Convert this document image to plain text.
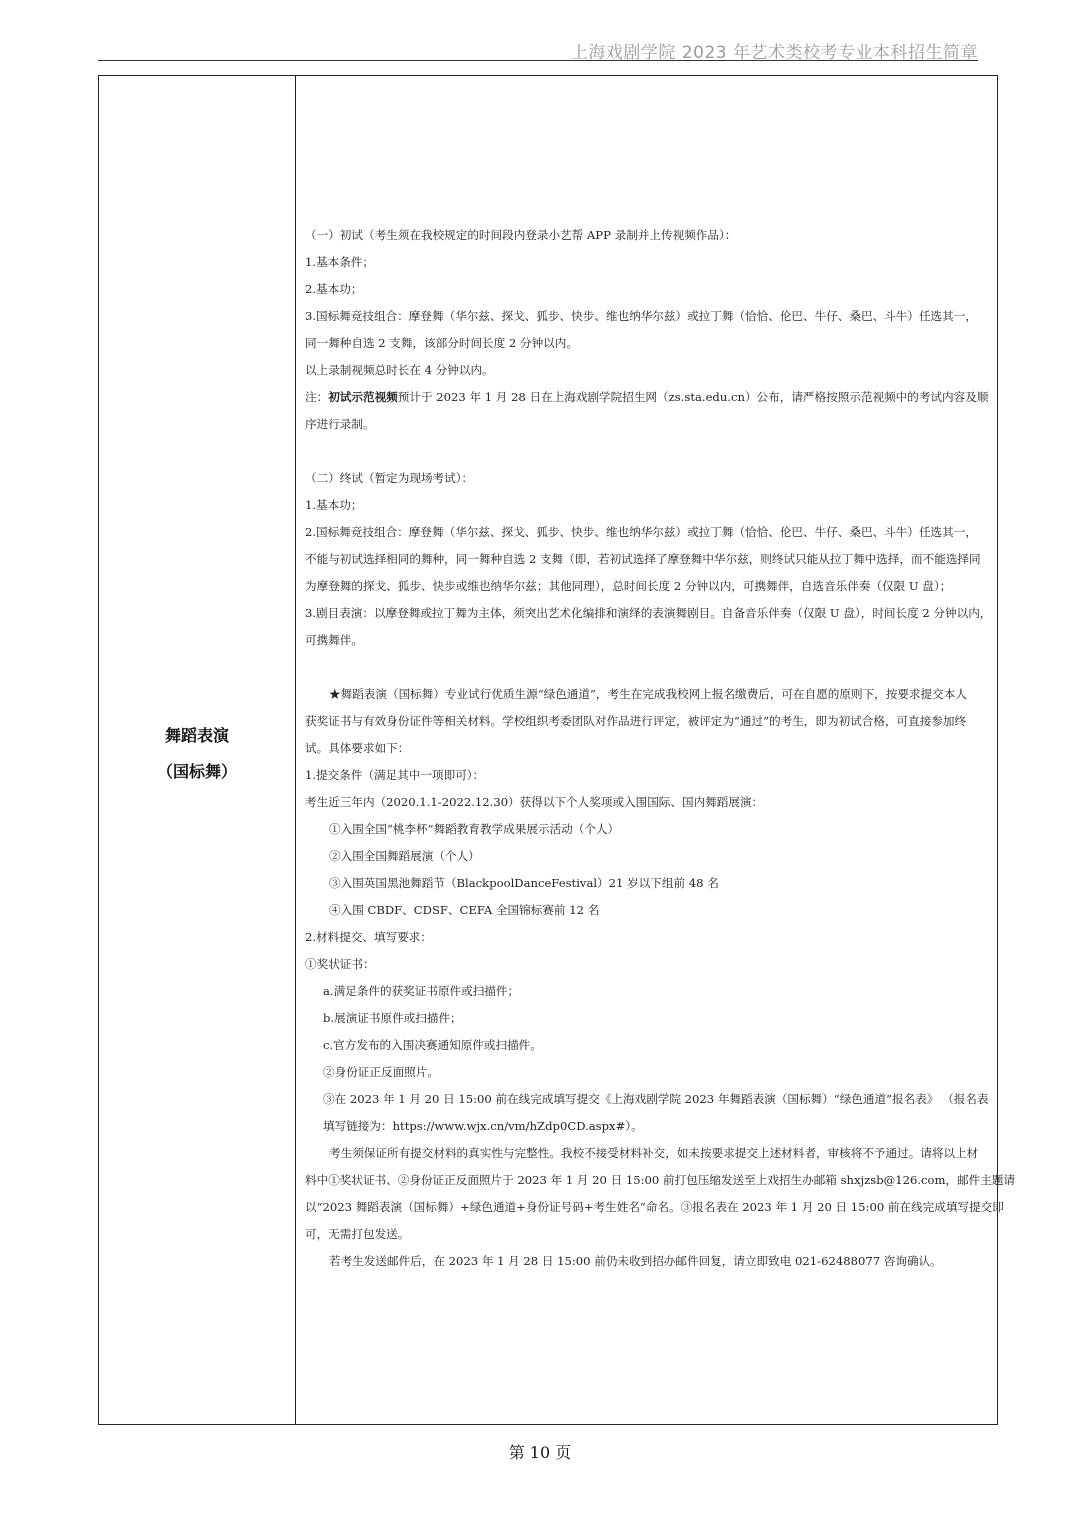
上海戏剧学院 2023 年艺术类校考专业本科招生简章
舞蹈表演
（国标舞）

（一）初试（考生须在我校规定的时间段内登录小艺帮 APP 录制并上传视频作品）：

1.基本条件；

2.基本功；

3.国标舞竞技组合：摩登舞（华尔兹、探戈、狐步、快步、维也纳华尔兹）或拉丁舞（恰恰、伦巴、牛仔、桑巴、斗牛）任选其一，

同一舞种自选 2 支舞，该部分时间长度 2 分钟以内。

以上录制视频总时长在 4 分钟以内。

注：初试示范视频预计于 2023 年 1 月 28 日在上海戏剧学院招生网（zs.sta.edu.cn）公布，请严格按照示范视频中的考试内容及顺

序进行录制。

（二）终试（暂定为现场考试）：

1.基本功；

2.国标舞竞技组合：摩登舞（华尔兹、探戈、狐步、快步、维也纳华尔兹）或拉丁舞（恰恰、伦巴、牛仔、桑巴、斗牛）任选其一，

不能与初试选择相同的舞种，同一舞种自选 2 支舞（即，若初试选择了摩登舞中华尔兹，则终试只能从拉丁舞中选择，而不能选择同

为摩登舞的探戈、狐步、快步或维也纳华尔兹；其他同理），总时间长度 2 分钟以内，可携舞伴，自选音乐伴奏（仅限 U 盘）；

3.剧目表演：以摩登舞或拉丁舞为主体，须突出艺术化编排和演绎的表演舞剧目。自备音乐伴奏（仅限 U 盘），时间长度 2 分钟以内，

可携舞伴。

★舞蹈表演（国标舞）专业试行优质生源“绿色通道”，考生在完成我校网上报名缴费后，可在自愿的原则下，按要求提交本人

获奖证书与有效身份证件等相关材料。学校组织考委团队对作品进行评定，被评定为“通过”的考生，即为初试合格，可直接参加终

试。具体要求如下：

1.提交条件（满足其中一项即可）：

考生近三年内（2020.1.1-2022.12.30）获得以下个人奖项或入围国际、国内舞蹈展演：

①入围全国“桃李杯”舞蹈教育教学成果展示活动（个人）

②入围全国舞蹈展演（个人）

③入围英国黑池舞蹈节（BlackpoolDanceFestival）21 岁以下组前 48 名

④入围 CBDF、CDSF、CEFA 全国锦标赛前 12 名

2.材料提交、填写要求：

①奖状证书：

a.满足条件的获奖证书原件或扫描件；

b.展演证书原件或扫描件；

c.官方发布的入围决赛通知原件或扫描件。

②身份证正反面照片。

③在 2023 年 1 月 20 日 15:00 前在线完成填写提交《上海戏剧学院 2023 年舞蹈表演（国标舞）“绿色通道”报名表》 （报名表

填写链接为：https://www.wjx.cn/vm/hZdp0CD.aspx#）。

考生须保证所有提交材料的真实性与完整性。我校不接受材料补交，如未按要求提交上述材料者，审核将不予通过。请将以上材

料中①奖状证书、②身份证正反面照片于 2023 年 1 月 20 日 15:00 前打包压缩发送至上戏招生办邮箱 shxjzsb@126.com，邮件主题请

以“2023 舞蹈表演（国标舞）+绿色通道+身份证号码+考生姓名”命名。③报名表在 2023 年 1 月 20 日 15:00 前在线完成填写提交即

可，无需打包发送。

若考生发送邮件后，在 2023 年 1 月 28 日 15:00 前仍未收到招办邮件回复，请立即致电 021-62488077 咨询确认。

第 10 页
